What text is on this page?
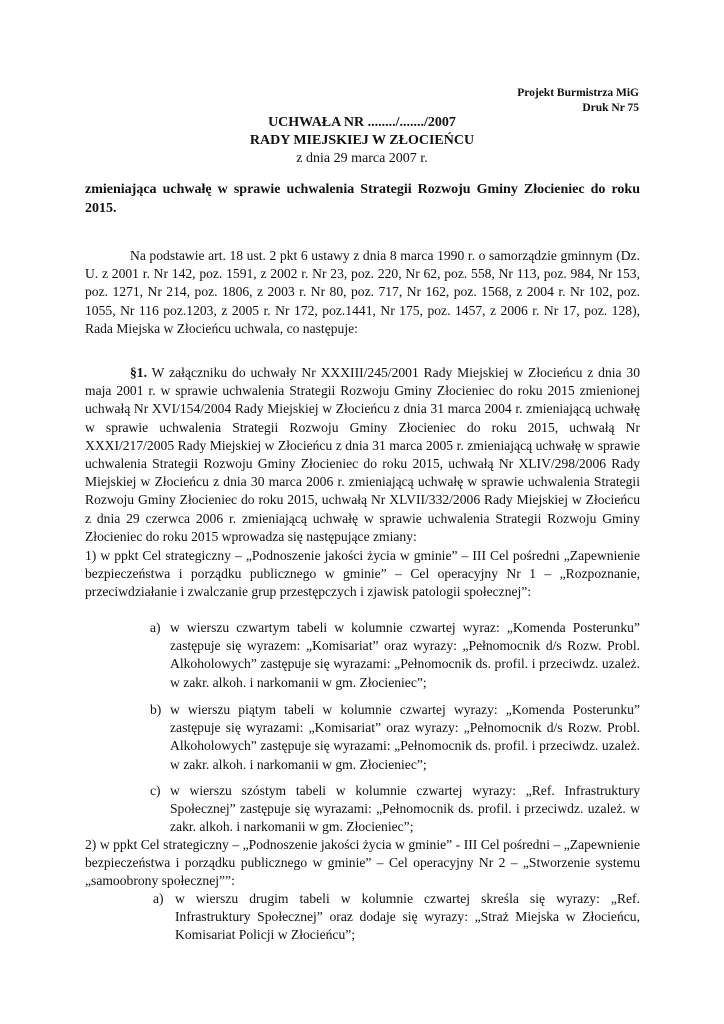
Projekt Burmistrza MiG
Druk Nr 75
UCHWAŁA NR ......../......./2007
RADY MIEJSKIEJ W ZŁOCIEŃCU
z dnia 29 marca 2007 r.
zmieniająca uchwałę w sprawie uchwalenia Strategii Rozwoju Gminy Złocieniec do roku 2015.
Na podstawie art. 18 ust. 2 pkt 6 ustawy z dnia 8 marca 1990 r. o samorządzie gminnym (Dz. U. z 2001 r. Nr 142, poz. 1591, z 2002 r. Nr 23, poz. 220, Nr 62, poz. 558, Nr 113, poz. 984, Nr 153, poz. 1271, Nr 214, poz. 1806, z 2003 r. Nr 80, poz. 717, Nr 162, poz. 1568, z 2004 r. Nr 102, poz. 1055, Nr 116 poz.1203, z 2005 r. Nr 172, poz.1441, Nr 175, poz. 1457, z 2006 r. Nr 17, poz. 128), Rada Miejska w Złocieńcu uchwala, co następuje:
§1. W załączniku do uchwały Nr XXXIII/245/2001 Rady Miejskiej w Złocieńcu z dnia 30 maja 2001 r. w sprawie uchwalenia Strategii Rozwoju Gminy Złocieniec do roku 2015 zmienionej uchwałą Nr XVI/154/2004 Rady Miejskiej w Złocieńcu z dnia 31 marca 2004 r. zmieniającą uchwałę w sprawie uchwalenia Strategii Rozwoju Gminy Złocieniec do roku 2015, uchwałą Nr XXXI/217/2005 Rady Miejskiej w Złocieńcu z dnia 31 marca 2005 r. zmieniającą uchwałę w sprawie uchwalenia Strategii Rozwoju Gminy Złocieniec do roku 2015, uchwałą Nr XLIV/298/2006 Rady Miejskiej w Złocieńcu z dnia 30 marca 2006 r. zmieniającą uchwałę w sprawie uchwalenia Strategii Rozwoju Gminy Złocieniec do roku 2015, uchwałą Nr XLVII/332/2006 Rady Miejskiej w Złocieńcu z dnia 29 czerwca 2006 r. zmieniającą uchwałę w sprawie uchwalenia Strategii Rozwoju Gminy Złocieniec do roku 2015 wprowadza się następujące zmiany:
1) w ppkt Cel strategiczny – „Podnoszenie jakości życia w gminie” – III Cel pośredni „Zapewnienie bezpieczeństwa i porządku publicznego w gminie” – Cel operacyjny Nr 1 – „Rozpoznanie, przeciwdziałanie i zwalczanie grup przestępczych i zjawisk patologii społecznej”:
a) w wierszu czwartym tabeli w kolumnie czwartej wyraz: „Komenda Posterunku” zastępuje się wyrazem: „Komisariat” oraz wyrazy: „Pełnomocnik d/s Rozw. Probl. Alkoholowych” zastępuje się wyrazami: „Pełnomocnik ds. profil. i przeciwdz. uzależ. w zakr. alkoh. i narkomanii w gm. Złocieniec”;
b) w wierszu piątym tabeli w kolumnie czwartej wyrazy: „Komenda Posterunku” zastępuje się wyrazami: „Komisariat” oraz wyrazy: „Pełnomocnik d/s Rozw. Probl. Alkoholowych” zastępuje się wyrazami: „Pełnomocnik ds. profil. i przeciwdz. uzależ. w zakr. alkoh. i narkomanii w gm. Złocieniec”;
c) w wierszu szóstym tabeli w kolumnie czwartej wyrazy: „Ref. Infrastruktury Społecznej” zastępuje się wyrazami: „Pełnomocnik ds. profil. i przeciwdz. uzależ. w zakr. alkoh. i narkomanii w gm. Złocieniec”;
2) w ppkt Cel strategiczny – „Podnoszenie jakości życia w gminie” - III Cel pośredni – „Zapewnienie bezpieczeństwa i porządku publicznego w gminie” – Cel operacyjny Nr 2 – „Stworzenie systemu „samoobrony społecznej””:
a) w wierszu drugim tabeli w kolumnie czwartej skreśla się wyrazy: „Ref. Infrastruktury Społecznej” oraz dodaje się wyrazy: „Straż Miejska w Złocieńcu, Komisariat Policji w Złocieńcu”;
